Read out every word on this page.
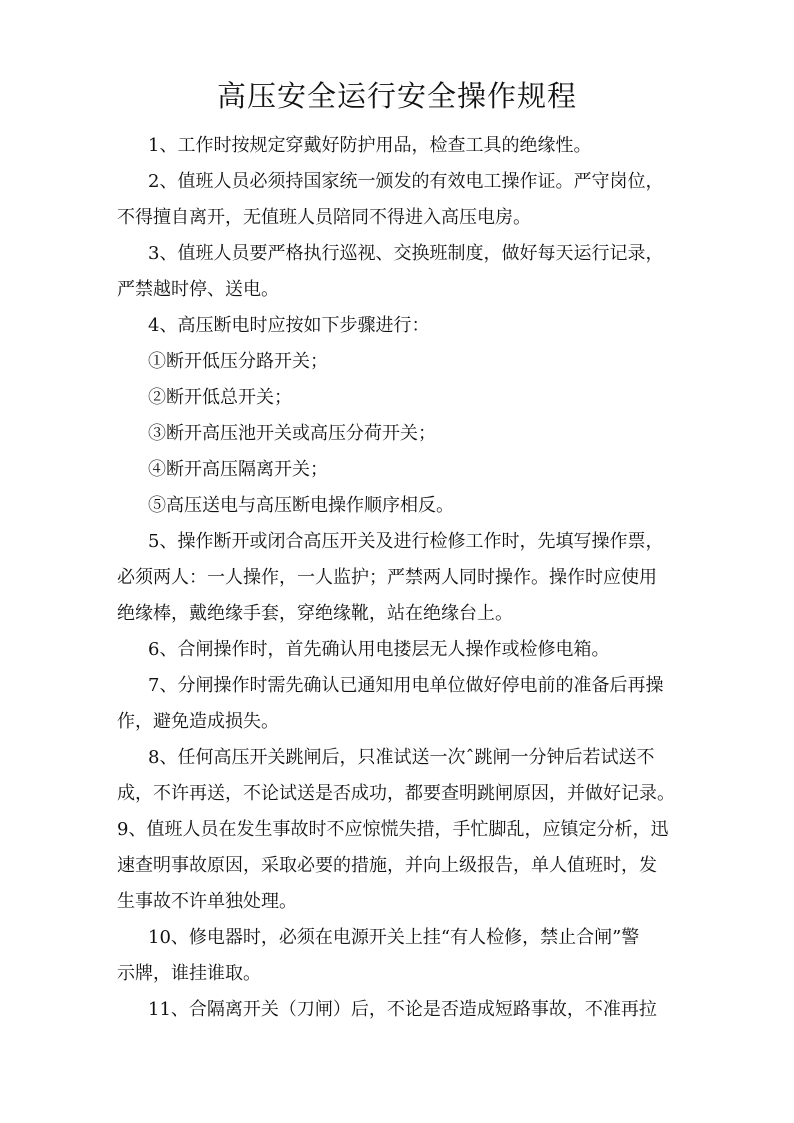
高压安全运行安全操作规程
1、工作时按规定穿戴好防护用品，检查工具的绝缘性。
2、值班人员必须持国家统一颁发的有效电工操作证。严守岗位，
不得擅自离开，无值班人员陪同不得进入高压电房。
3、值班人员要严格执行巡视、交换班制度，做好每天运行记录，
严禁越时停、送电。
4、高压断电时应按如下步骤进行：
①断开低压分路开关；
②断开低总开关；
③断开高压池开关或高压分荷开关；
④断开高压隔离开关；
⑤高压送电与高压断电操作顺序相反。
5、操作断开或闭合高压开关及进行检修工作时，先填写操作票，
必须两人：一人操作，一人监护；严禁两人同时操作。操作时应使用
绝缘棒，戴绝缘手套，穿绝缘靴，站在绝缘台上。
6、合闸操作时，首先确认用电搂层无人操作或检修电箱。
7、分闸操作时需先确认已通知用电单位做好停电前的准备后再操
作，避免造成损失。
8、任何高压开关跳闸后，只准试送一次ˆ跳闸一分钟后若试送不
成，不许再送，不论试送是否成功，都要查明跳闸原因，并做好记录。
9、值班人员在发生事故时不应惊慌失措，手忙脚乱，应镇定分析，迅
速查明事故原因，采取必要的措施，并向上级报告，单人值班时，发
生事故不许单独处理。
10、修电器时，必须在电源开关上挂“有人检修，禁止合闸”警
示牌，谁挂谁取。
11、合隔离开关（刀闸）后，不论是否造成短路事故，不准再拉
